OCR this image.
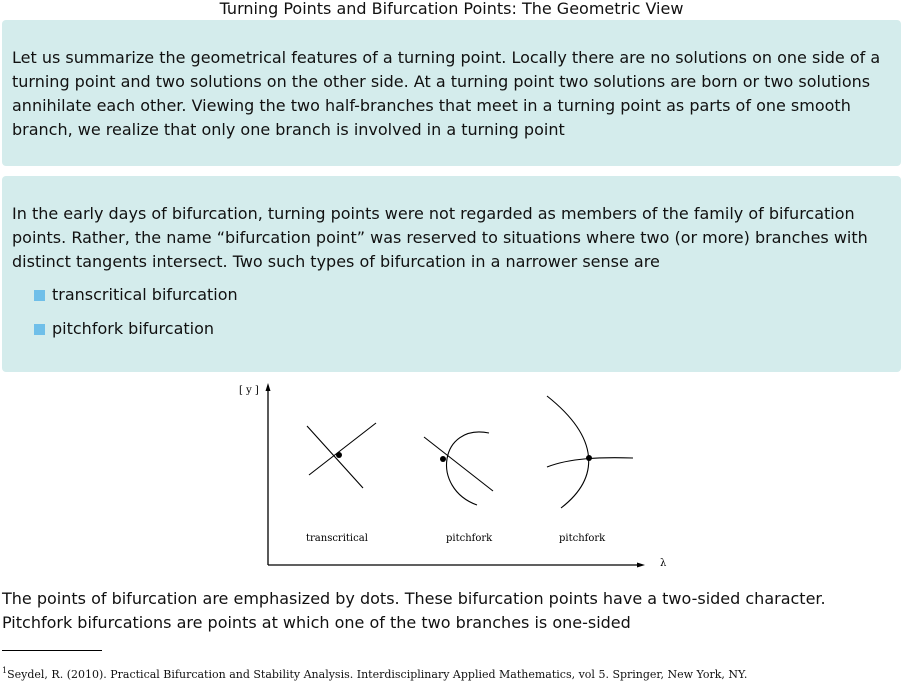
Turning Points and Bifurcation Points: The Geometric View

Let us summarize the geometrical features of a turning point. Locally there are no solutions on one side of a turning point and two solutions on the other side. At a turning point two solutions are born or two solutions annihilate each other. Viewing the two half-branches that meet in a turning point as parts of one smooth branch, we realize that only one branch is involved in a turning point

In the early days of bifurcation, turning points were not regarded as members of the family of bifurcation points. Rather, the name “bifurcation point” was reserved to situations where two (or more) branches with distinct tangents intersect. Two such types of bifurcation in a narrower sense are

transcritical bifurcation
pitchfork bifurcation
[ y ]
λ
transcritical	pitchfork	pitchfork

The points of bifurcation are emphasized by dots. These bifurcation points have a two-sided character. Pitchfork bifurcations are points at which one of the two branches is one-sided

$^1$Seydel, R. (2010). Practical Bifurcation and Stability Analysis. Interdisciplinary Applied Mathematics, vol 5. Springer, New York, NY.
